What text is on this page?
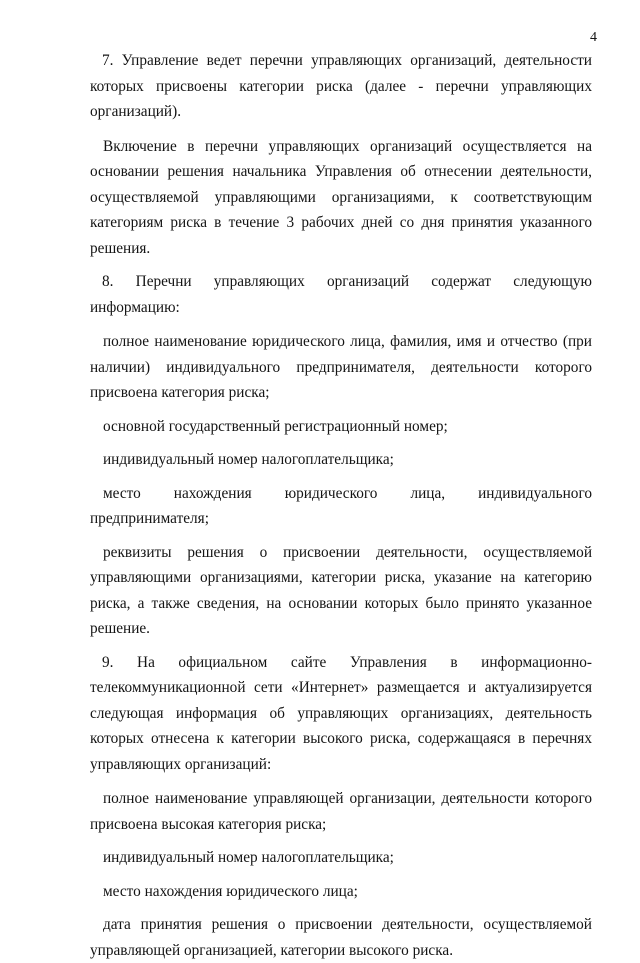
4

7. Управление ведет перечни управляющих организаций, деятельности которых присвоены категории риска (далее - перечни управляющих организаций).

Включение в перечни управляющих организаций осуществляется на основании решения начальника Управления об отнесении деятельности, осуществляемой управляющими организациями, к соответствующим категориям риска в течение 3 рабочих дней со дня принятия указанного решения.

8. Перечни управляющих организаций содержат следующую информацию:

полное наименование юридического лица, фамилия, имя и отчество (при наличии) индивидуального предпринимателя, деятельности которого присвоена категория риска;

основной государственный регистрационный номер;

индивидуальный номер налогоплательщика;

место нахождения юридического лица, индивидуального предпринимателя;

реквизиты решения о присвоении деятельности, осуществляемой управляющими организациями, категории риска, указание на категорию риска, а также сведения, на основании которых было принято указанное решение.

9. На официальном сайте Управления в информационно-телекоммуникационной сети «Интернет» размещается и актуализируется следующая информация об управляющих организациях, деятельность которых отнесена к категории высокого риска, содержащаяся в перечнях управляющих организаций:

полное наименование управляющей организации, деятельности которого присвоена высокая категория риска;

индивидуальный номер налогоплательщика;

место нахождения юридического лица;

дата принятия решения о присвоении деятельности, осуществляемой управляющей организацией, категории высокого риска.
